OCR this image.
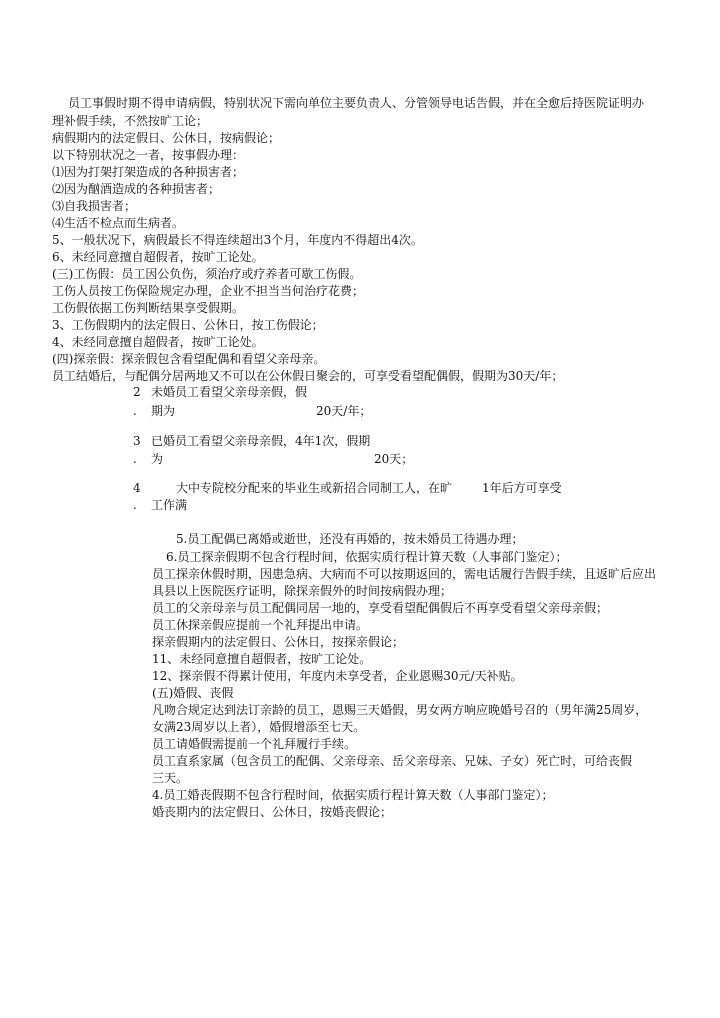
员工事假时期不得申请病假，特别状况下需向单位主要负责人、分管领导电话告假，并在全愈后持医院证明办
理补假手续，不然按旷工论；
病假期内的法定假日、公休日，按病假论；
以下特别状况之一者，按事假办理：
⑴因为打架打架造成的各种损害者；
⑵因为酗酒造成的各种损害者；
⑶自我损害者；
⑷生活不检点而生病者。
5、一般状况下，病假最长不得连续超出3个月，年度内不得超出4次。
6、未经同意擅自超假者，按旷工论处。
(三)工伤假：员工因公负伤，须治疗或疗养者可歇工伤假。
工伤人员按工伤保险规定办理，企业不担当当何治疗花费；
工伤假依据工伤判断结果享受假期。
3、工伤假期内的法定假日、公休日，按工伤假论；
4、未经同意擅自超假者，按旷工论处。
(四)探亲假：探亲假包含看望配偶和看望父亲母亲。
员工结婚后，与配偶分居两地又不可以在公休假日聚会的，可享受看望配偶假，假期为30天/年；
2 未婚员工看望父亲母亲假，假
. 期为	20天/年；
3 已婚员工看望父亲母亲假，4年1次，假期
. 为	20天；
4	大中专院校分配来的毕业生或新招合同制工人，在旷 1年后方可享受
. 工作满
5.员工配偶已离婚或逝世，还没有再婚的，按未婚员工待遇办理；
6.员工探亲假期不包含行程时间，依据实质行程计算天数（人事部门鉴定）；
员工探亲休假时期，因患急病、大病而不可以按期返回的，需电话履行告假手续，且返旷后应出
具县以上医院医疗证明，除探亲假外的时间按病假办理；
员工的父亲母亲与员工配偶同居一地的，享受看望配偶假后不再享受看望父亲母亲假；
员工休探亲假应提前一个礼拜提出申请。
探亲假期内的法定假日、公休日，按探亲假论；
11、未经同意擅自超假者，按旷工论处。
12、探亲假不得累计使用，年度内未享受者，企业恩赐30元/天补贴。
(五)婚假、丧假
凡吻合规定达到法订亲龄的员工，恩赐三天婚假，男女两方响应晚婚号召的（男年满25周岁，
女满23周岁以上者），婚假增添至七天。
员工请婚假需提前一个礼拜履行手续。
员工直系家属（包含员工的配偶、父亲母亲、岳父亲母亲、兄妹、子女）死亡时，可给丧假
三天。
4.员工婚丧假期不包含行程时间，依据实质行程计算天数（人事部门鉴定）；
婚丧期内的法定假日、公休日，按婚丧假论；
